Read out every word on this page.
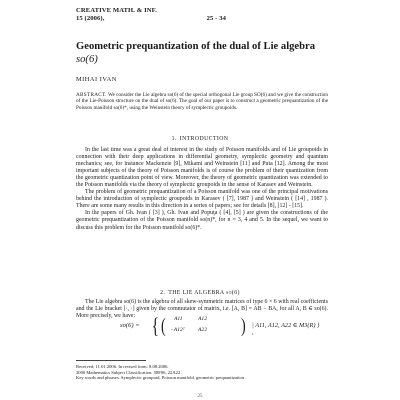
CREATIVE MATH. & INF.
15 (2006),	25 - 34
Geometric prequantization of the dual of Lie algebra
so(6)
MIHAI IVAN
ABSTRACT. We consider the Lie algebra so(6) of the special orthogonal Lie group SO(6) and we give the construction of the Lie-Poisson structure on the dual of so(6). The goal of our paper is to construct a geometric prequantization of the Poisson manifold so(6)*, using the Weinstein theory of symplectic groupoids.
1. INTRODUCTION

In the last time was a great deal of interest in the study of Poisson manifolds and of Lie groupoids in connection with their deep applications in differential geometry, symplectic geometry and quantum mechanics; see, for instance Mackenzie [9], Mikami and Weinstein [11] and Puta [12]. Among the most important subjects of the theory of Poisson manifolds is of course the problem of their quantization from the geometric quantization point of view. Moreover, the theory of geometric quantization was extended to the Poisson manifolds via the theory of symplectic groupoids in the sense of Karasev and Weinstein.

The problem of geometric prequantization of a Poisson manifold was one of the principal motivations behind the introduction of symplectic groupoids in Karasev ( [7], 1987 ) and Weinstein ( [14] , 1987 ). There are some many results in this direction in a series of papers; see for details [8], [12] - [15].

In the papers of Gh. Ivan ( [3] ), Gh. Ivan and Popuţa ( [4], [5] ) are given the constructions of the geometric prequantization of the Poisson manifold so(n)*, for n = 3, 4 and 5. In the sequel, we want to discuss this problem for the Poisson manifold so(6)*.

2. THE LIE ALGEBRA so(6)

The Lie algebra so(6) is the algebra of all skew-symmetric matrices of type 6 × 6 with real coefficients and the Lie bracket [·, ·] given by the commutator of matrix, i.e. [A, B] = AB − BA, for all A, B ∈ so(6). More precisely, we have:

so(6) = { ( A11	A12
−A12ᵀ A22 ) | A11, A12, A22 ∈ M3(R) } ,
Received: 11.01.2006. In revised form: 8.08.2006.
2000 Mathematics Subject Classification. 58F06, 22A22
Key words and phrases. Symplectic groupoid, Poisson manifold, geometric prequantization .
25
